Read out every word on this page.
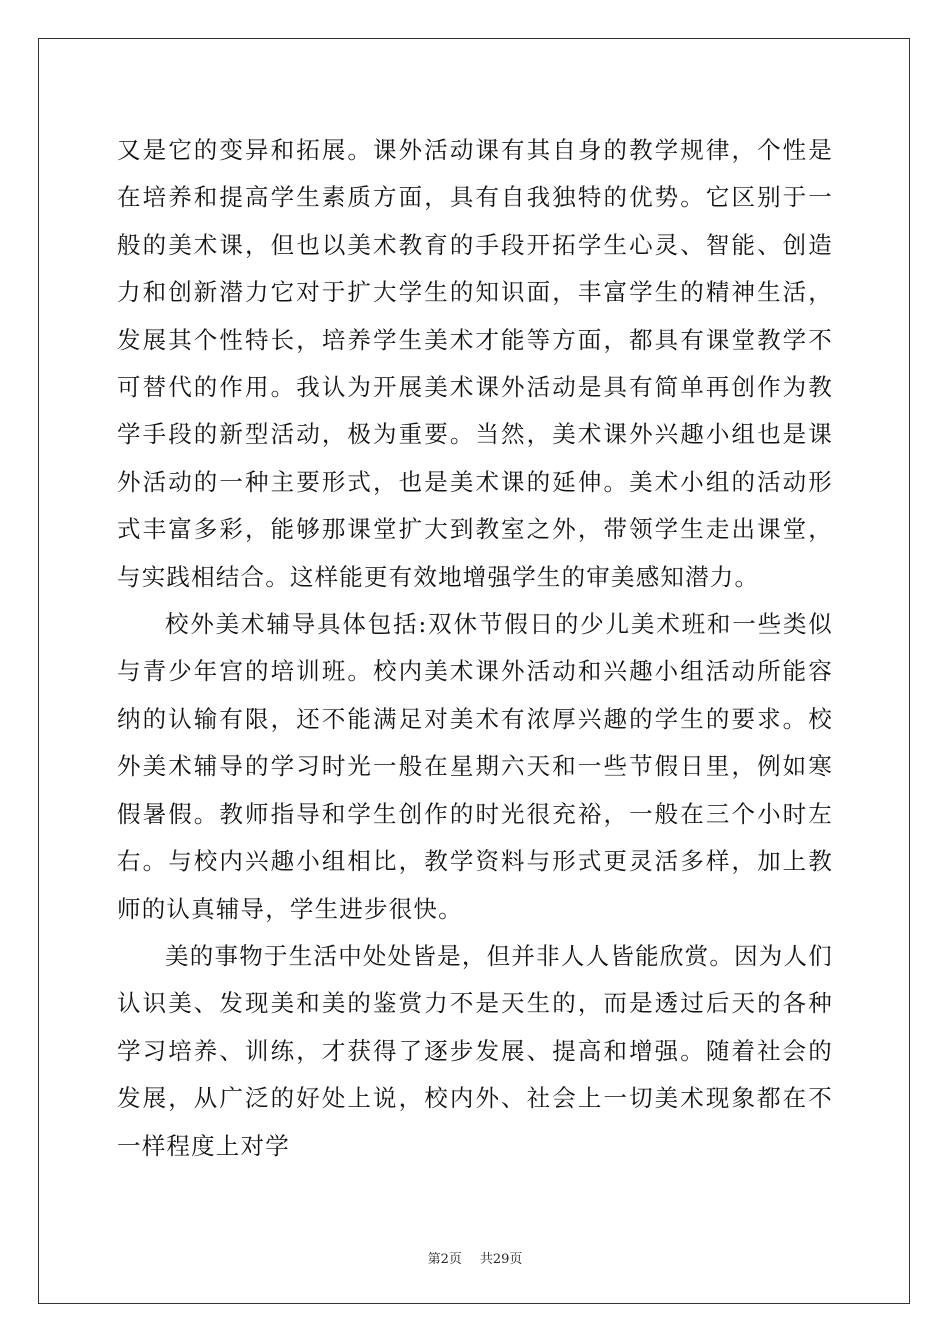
又是它的变异和拓展。课外活动课有其自身的教学规律，个性是在培养和提高学生素质方面，具有自我独特的优势。它区别于一般的美术课，但也以美术教育的手段开拓学生心灵、智能、创造力和创新潜力它对于扩大学生的知识面，丰富学生的精神生活，发展其个性特长，培养学生美术才能等方面，都具有课堂教学不可替代的作用。我认为开展美术课外活动是具有简单再创作为教学手段的新型活动，极为重要。当然，美术课外兴趣小组也是课外活动的一种主要形式，也是美术课的延伸。美术小组的活动形式丰富多彩，能够那课堂扩大到教室之外，带领学生走出课堂，与实践相结合。这样能更有效地增强学生的审美感知潜力。

校外美术辅导具体包括:双休节假日的少儿美术班和一些类似与青少年宫的培训班。校内美术课外活动和兴趣小组活动所能容纳的认输有限，还不能满足对美术有浓厚兴趣的学生的要求。校外美术辅导的学习时光一般在星期六天和一些节假日里，例如寒假暑假。教师指导和学生创作的时光很充裕，一般在三个小时左右。与校内兴趣小组相比，教学资料与形式更灵活多样，加上教师的认真辅导，学生进步很快。

美的事物于生活中处处皆是，但并非人人皆能欣赏。因为人们认识美、发现美和美的鉴赏力不是天生的，而是透过后天的各种学习培养、训练，才获得了逐步发展、提高和增强。随着社会的发展，从广泛的好处上说，校内外、社会上一切美术现象都在不一样程度上对学

第2页 共29页
